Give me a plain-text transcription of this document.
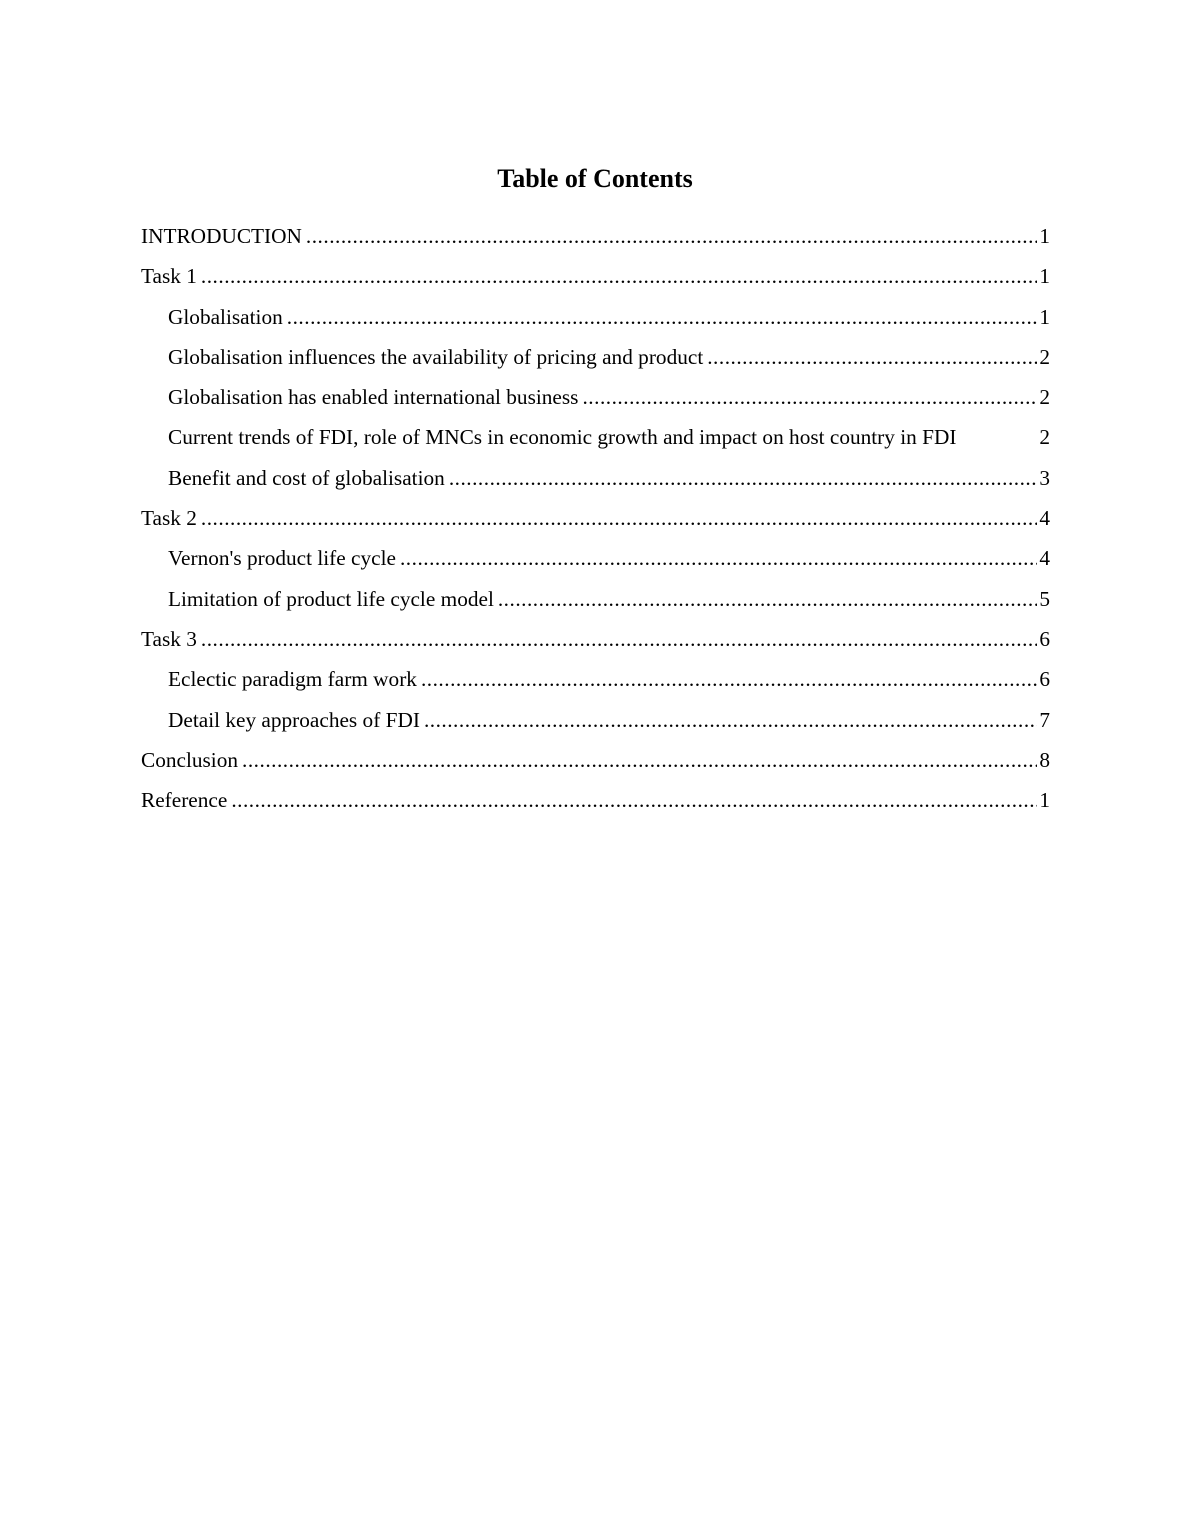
Table of Contents
INTRODUCTION .....	1
Task 1 .....	1
Globalisation .....	1
Globalisation influences the availability of pricing and product .....	2
Globalisation has enabled international business .....	2
Current trends of FDI, role of MNCs in economic growth and impact on host country in FDI	2
Benefit and cost of globalisation .....	3
Task 2 .....	4
Vernon's product life cycle .....	4
Limitation of product life cycle model .....	5
Task 3 .....	6
Eclectic paradigm farm work .....	6
Detail key approaches of FDI .....	7
Conclusion .....	8
Reference .....	1
